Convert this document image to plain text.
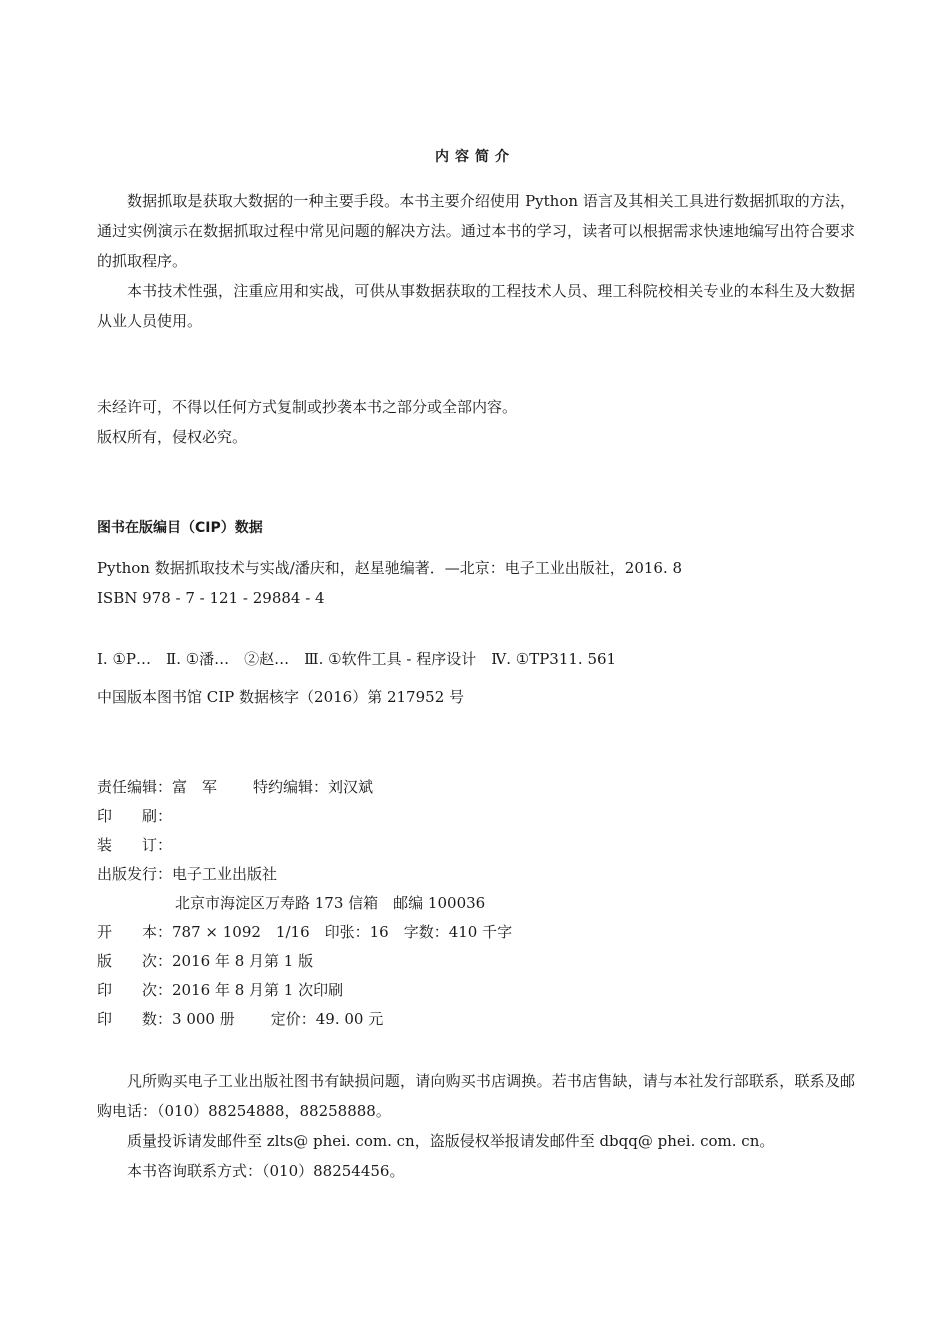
内容简介

数据抓取是获取大数据的一种主要手段。本书主要介绍使用 Python 语言及其相关工具进行数据抓取的方法，通过实例演示在数据抓取过程中常见问题的解决方法。通过本书的学习，读者可以根据需求快速地编写出符合要求的抓取程序。

本书技术性强，注重应用和实战，可供从事数据获取的工程技术人员、理工科院校相关专业的本科生及大数据从业人员使用。

未经许可，不得以任何方式复制或抄袭本书之部分或全部内容。

版权所有，侵权必究。

图书在版编目（CIP）数据

Python 数据抓取技术与实战/潘庆和，赵星驰编著．—北京：电子工业出版社，2016. 8

ISBN 978 - 7 - 121 - 29884 - 4

Ⅰ. ①P…　Ⅱ. ①潘…　②赵…　Ⅲ. ①软件工具 - 程序设计　Ⅳ. ①TP311. 561

中国版本图书馆 CIP 数据核字（2016）第 217952 号

责任编辑：富　军 特约编辑：刘汉斌

印　　刷：

装　　订：

出版发行：电子工业出版社

北京市海淀区万寿路 173 信箱　邮编 100036

开　　本：787 × 1092　1/16　印张：16　字数：410 千字

版　　次：2016 年 8 月第 1 版

印　　次：2016 年 8 月第 1 次印刷

印　　数：3 000 册 定价：49. 00 元

凡所购买电子工业出版社图书有缺损问题，请向购买书店调换。若书店售缺，请与本社发行部联系，联系及邮购电话：（010）88254888，88258888。

质量投诉请发邮件至 zlts@ phei. com. cn，盗版侵权举报请发邮件至 dbqq@ phei. com. cn。

本书咨询联系方式：（010）88254456。
